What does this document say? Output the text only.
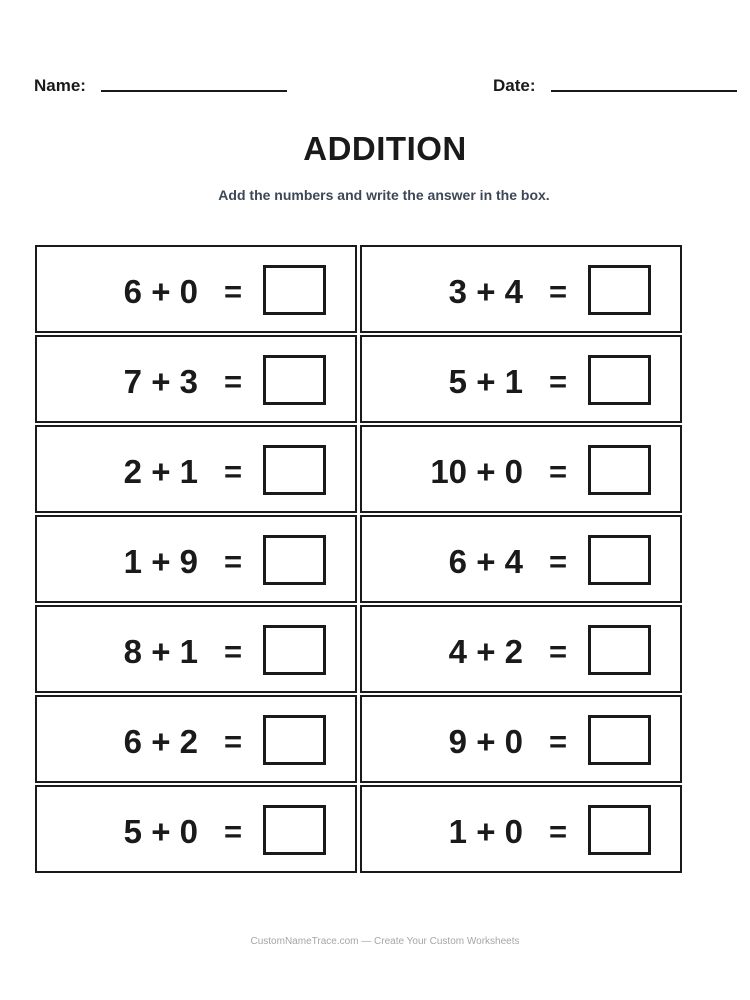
Name:	Date:
ADDITION
Add the numbers and write the answer in the box.
6 + 0 =	3 + 4 =
7 + 3 =	5 + 1 =
2 + 1 =	10 + 0 =
1 + 9 =	6 + 4 =
8 + 1 =	4 + 2 =
6 + 2 =	9 + 0 =
5 + 0 =	1 + 0 =
CustomNameTrace.com — Create Your Custom Worksheets
